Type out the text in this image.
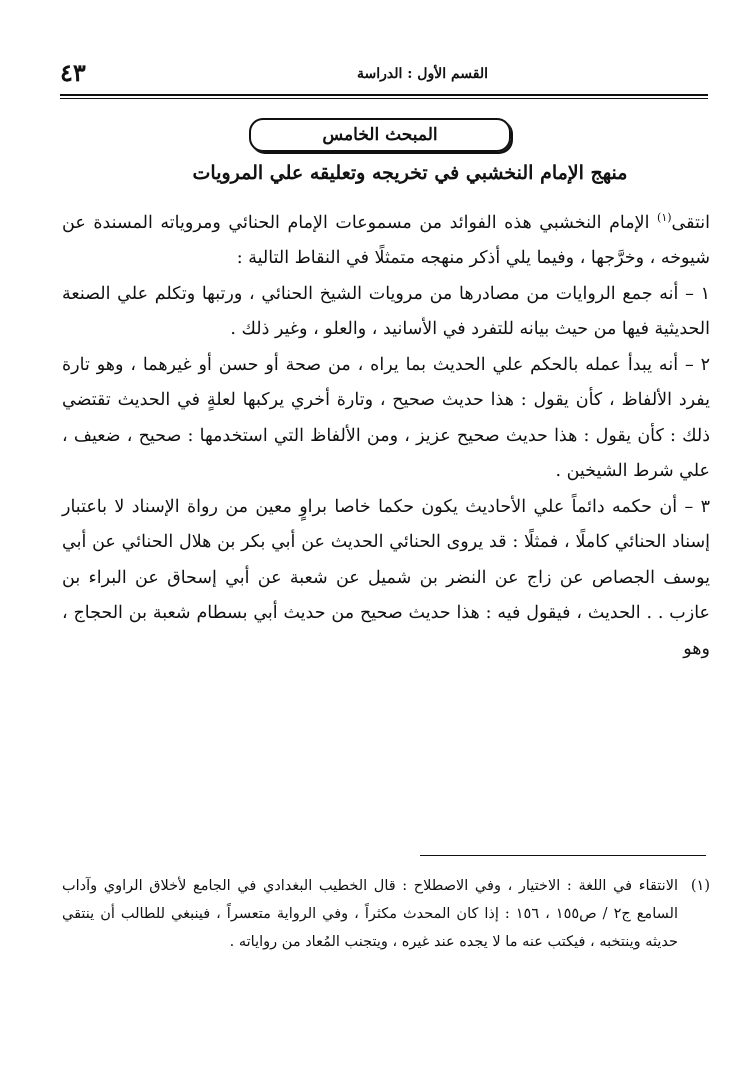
القسم الأول : الدراسة
٤٣
المبحث الخامس
منهج الإمام النخشبي في تخريجه وتعليقه علي المرويات

انتقى$^{(١)}$ الإمام النخشبي هذه الفوائد من مسموعات الإمام الحنائي ومروياته المسندة عن شيوخه ، وخرَّجها ، وفيما يلي أذكر منهجه متمثلًا في النقاط التالية :

١ – أنه جمع الروايات من مصادرها من مرويات الشيخ الحنائي ، ورتبها وتكلم علي الصنعة الحديثية فيها من حيث بيانه للتفرد في الأسانيد ، والعلو ، وغير ذلك .

٢ – أنه يبدأ عمله بالحكم علي الحديث بما يراه ، من صحة أو حسن أو غيرهما ، وهو تارة يفرد الألفاظ ، كأن يقول : هذا حديث صحيح ، وتارة أخري يركبها لعلةٍ في الحديث تقتضي ذلك : كأن يقول : هذا حديث صحيح عزيز ، ومن الألفاظ التي استخدمها : صحيح ، ضعيف ، علي شرط الشيخين .

٣ – أن حكمه دائماً علي الأحاديث يكون حكما خاصا براوٍ معين من رواة الإسناد لا باعتبار إسناد الحنائي كاملًا ، فمثلًا : قد يروى الحنائي الحديث عن أبي بكر بن هلال الحنائي عن أبي يوسف الجصاص عن زاج عن النضر بن شميل عن شعبة عن أبي إسحاق عن البراء بن عازب . . الحديث ، فيقول فيه : هذا حديث صحيح من حديث أبي بسطام شعبة بن الحجاج ، وهو

(١)
الانتقاء في اللغة : الاختيار ، وفي الاصطلاح : قال الخطيب البغدادي في الجامع لأخلاق الراوي وآداب السامع ج٢ / ص١٥٥ ، ١٥٦ : إذا كان المحدث مكثراً ، وفي الرواية متعسراً ، فينبغي للطالب أن ينتقي حديثه وينتخبه ، فيكتب عنه ما لا يجده عند غيره ، ويتجنب المُعاد من رواياته .
